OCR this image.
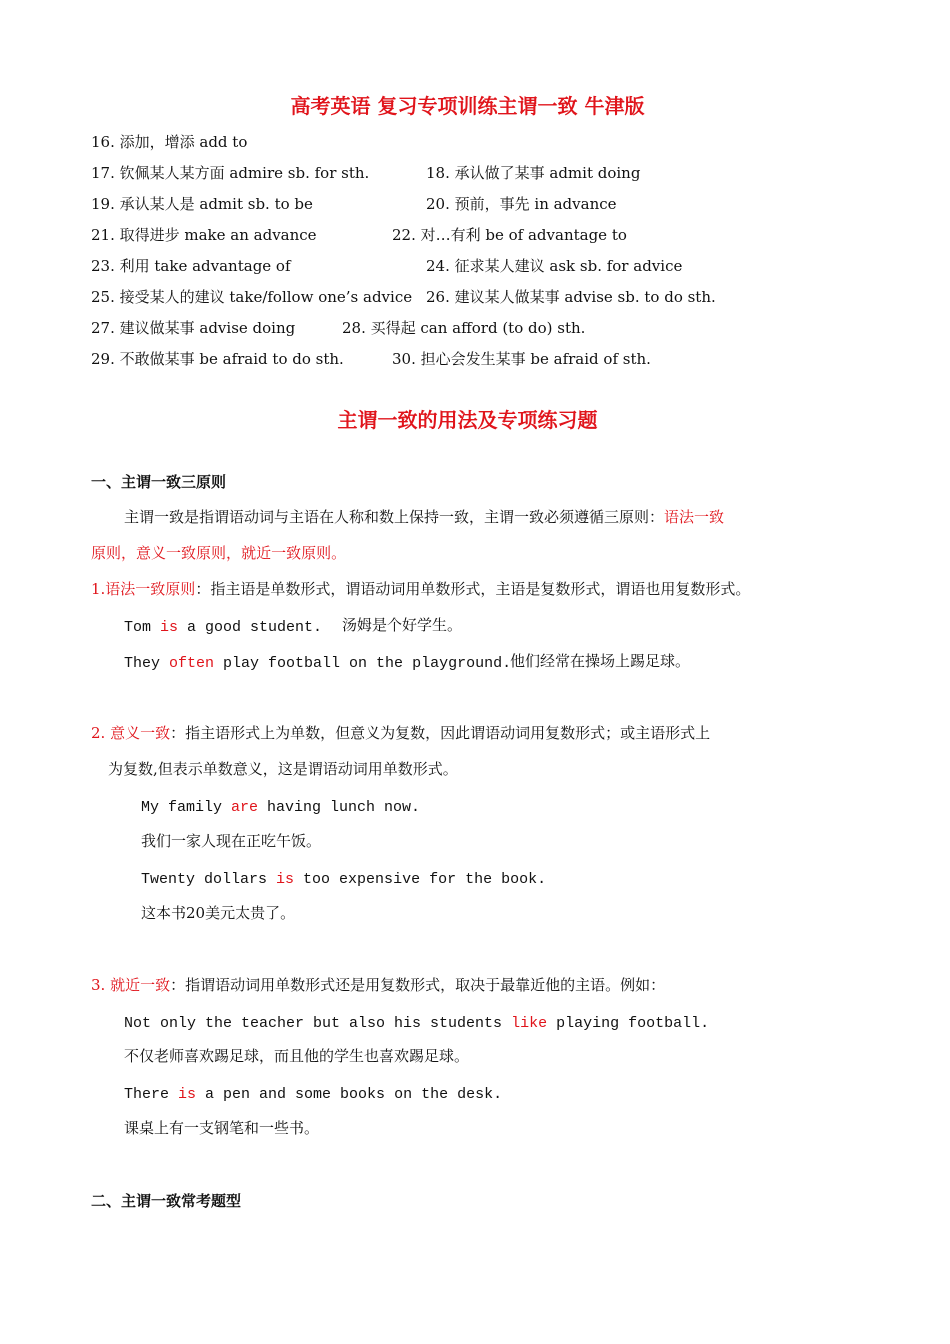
高考英语 复习专项训练主谓一致 牛津版
16. 添加，增添 add to
17. 钦佩某人某方面 admire sb. for sth.	18. 承认做了某事 admit doing
19. 承认某人是 admit sb. to be	20. 预前，事先 in advance
21. 取得进步 make an advance	22. 对…有利 be of advantage to
23. 利用 take advantage of	24. 征求某人建议 ask sb. for advice
25. 接受某人的建议 take/follow one’s advice 26. 建议某人做某事 advise sb. to do sth.
27. 建议做某事 advise doing	28. 买得起 can afford (to do) sth.
29. 不敢做某事 be afraid to do sth.	30. 担心会发生某事 be afraid of sth.
主谓一致的用法及专项练习题
一、主谓一致三原则
主谓一致是指谓语动词与主语在人称和数上保持一致，主谓一致必须遵循三原则：语法一致
原则，意义一致原则，就近一致原则。
1.语法一致原则：指主语是单数形式，谓语动词用单数形式，主语是复数形式，谓语也用复数形式。
Tom is a good student. 汤姆是个好学生。
They often play football on the playground.
他们经常在操场上踢足球。
2. 意义一致：指主语形式上为单数，但意义为复数，因此谓语动词用复数形式；或主语形式上
为复数,但表示单数意义，这是谓语动词用单数形式。
My family are having lunch now.
我们一家人现在正吃午饭。
Twenty dollars is too expensive for the book.
这本书20美元太贵了。
3. 就近一致：指谓语动词用单数形式还是用复数形式，取决于最靠近他的主语。例如：
Not only the teacher but also his students like playing football.
不仅老师喜欢踢足球，而且他的学生也喜欢踢足球。
There is a pen and some books on the desk.
课桌上有一支钢笔和一些书。
二、主谓一致常考题型
